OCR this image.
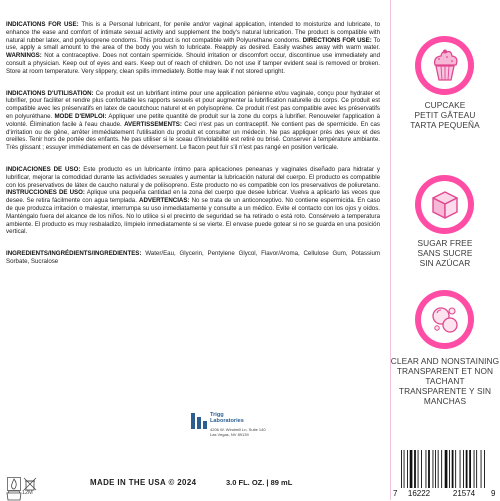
INDICATIONS FOR USE: This is a Personal lubricant, for penile and/or vaginal application, intended to moisturize and lubricate, to enhance the ease and comfort of intimate sexual activity and supplement the body's natural lubrication. The product is compatible with natural rubber latex, and polyisoprene condoms. This product is not compatible with Polyurethane condoms. DIRECTIONS FOR USE: To use, apply a small amount to the area of the body you wish to lubricate. Reapply as desired. Easily washes away with warm water. WARNINGS: Not a contraceptive. Does not contain spermicide. Should irritation or discomfort occur, discontinue use immediately and consult a physician. Keep out of eyes and ears. Keep out of reach of children. Do not use if tamper evident seal is removed or broken. Store at room temperature. Very slippery, clean spills immediately. Bottle may leak if not stored upright.

INDICATIONS D'UTILISATION: Ce produit est un lubrifiant intime pour une application pénienne et/ou vaginale, conçu pour hydrater et lubrifier, pour faciliter et rendre plus confortable les rapports sexuels et pour augmenter la lubrification naturelle du corps. Ce produit est compatible avec les préservatifs en latex de caoutchouc naturel et en polyisoprène. Ce produit n'est pas compatible avec les préservatifs en polyuréthane. MODE D'EMPLOI: Appliquer une petite quantité de produit sur la zone du corps à lubrifier. Renouveler l'application à volonté. Élimination facile à l'eau chaude. AVERTISSEMENTS: Ceci n'est pas un contraceptif. Ne contient pas de spermicide. En cas d'irritation ou de gêne, arrêter immédiatement l'utilisation du produit et consulter un médecin. Ne pas appliquer près des yeux et des oreilles. Tenir hors de portée des enfants. Ne pas utiliser si le sceau d'inviolabilité est retiré ou brisé. Conserver à température ambiante. Très glissant ; essuyer immédiatement en cas de déversement. Le flacon peut fuir s'il n'est pas rangé en position verticale.

INDICACIONES DE USO: Este producto es un lubricante íntimo para aplicaciones peneanas y vaginales diseñado para hidratar y lubrificar, mejorar la comodidad durante las actividades sexuales y aumentar la lubricación natural del cuerpo. El producto es compatible con los preservativos de látex de caucho natural y de poliisopreno. Este producto no es compatible con los preservativos de poliuretano. INSTRUCCIONES DE USO: Aplique una pequeña cantidad en la zona del cuerpo que desee lubricar. Vuelva a aplicarlo las veces que desee. Se retira fácilmente con agua templada. ADVERTENCIAS: No se trata de un anticonceptivo. No contiene espermicida. En caso de que produzca irritación o malestar, interrumpa su uso inmediatamente y consulte a un médico. Evite el contacto con los ojos y oídos. Manténgalo fuera del alcance de los niños. No lo utilice si el precinto de seguridad se ha retirado o está roto. Consérvelo a temperatura ambiente. El producto es muy resbaladizo, límpielo inmediatamente si se vierte. El envase puede gotear si no se guarda en una posición vertical.

INGREDIENTS/INGRÉDIENTS/INGREDIENTES: Water/Eau, Glycerin, Pentylene Glycol, Flavor/Aroma, Cellulose Gum, Potassium Sorbate, Sucralose

CUPCAKE
PETIT GÂTEAU
TARTA PEQUEÑA
SUGAR FREE
SANS SUCRE
SIN AZÚCAR
CLEAR AND NONSTAINING
TRANSPARENT ET NON TACHANT
TRANSPARENTE Y SIN MANCHAS
12M
Trigg
Laboratories
4206 W. Windmill Ln. Suite 140
Las Vegas, NV 89139
MADE IN THE USA © 2024	3.0 FL. OZ. | 89 mL
7 16222	21574 9
